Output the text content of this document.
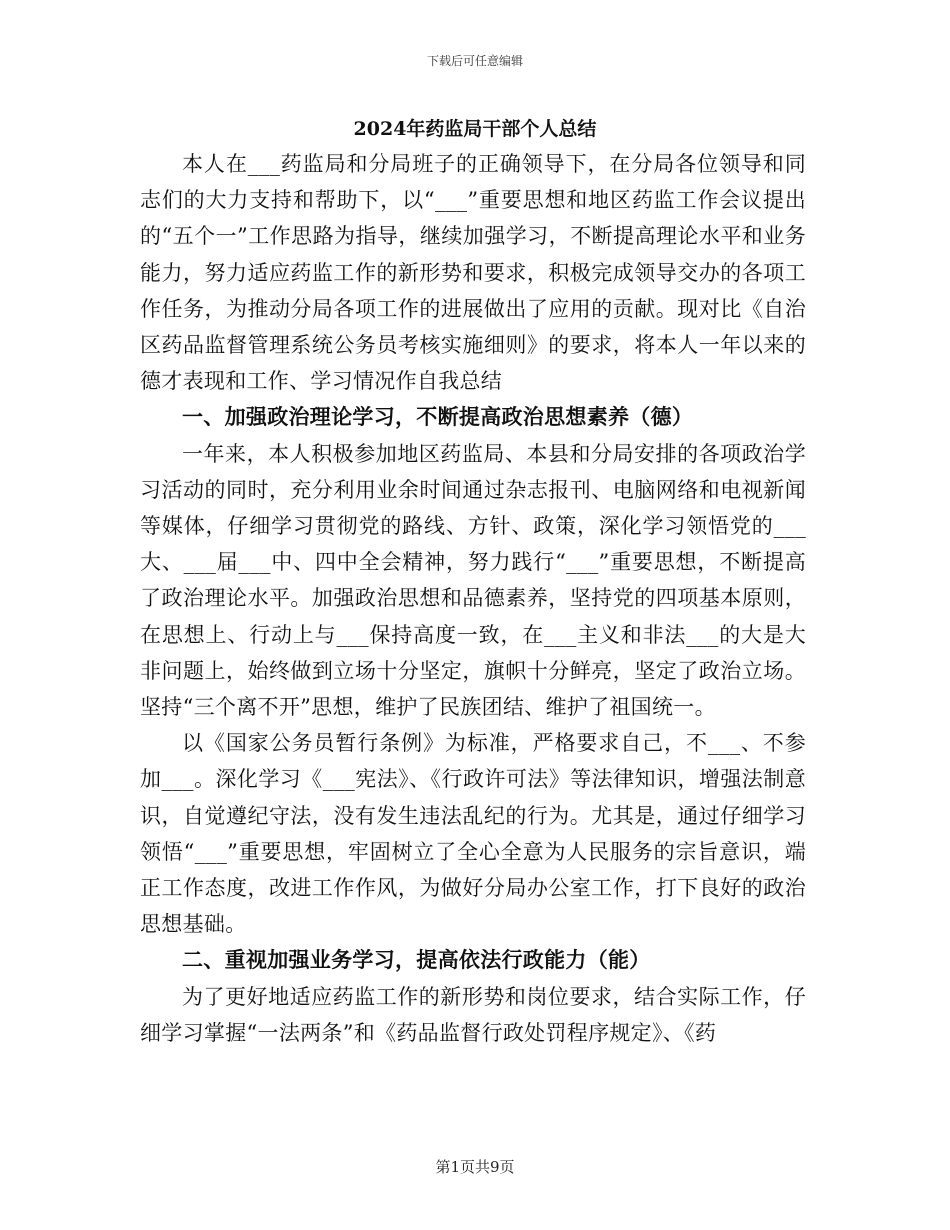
下载后可任意编辑
2024年药监局干部个人总结

本人在___药监局和分局班子的正确领导下，在分局各位领导和同志们的大力支持和帮助下，以“___”重要思想和地区药监工作会议提出的“五个一”工作思路为指导，继续加强学习，不断提高理论水平和业务能力，努力适应药监工作的新形势和要求，积极完成领导交办的各项工作任务，为推动分局各项工作的进展做出了应用的贡献。现对比《自治区药品监督管理系统公务员考核实施细则》的要求，将本人一年以来的德才表现和工作、学习情况作自我总结

一、加强政治理论学习，不断提高政治思想素养（德）

一年来，本人积极参加地区药监局、本县和分局安排的各项政治学习活动的同时，充分利用业余时间通过杂志报刊、电脑网络和电视新闻等媒体，仔细学习贯彻党的路线、方针、政策，深化学习领悟党的___大、___届___中、四中全会精神，努力践行“___”重要思想，不断提高了政治理论水平。加强政治思想和品德素养，坚持党的四项基本原则，在思想上、行动上与___保持高度一致，在___主义和非法___的大是大非问题上，始终做到立场十分坚定，旗帜十分鲜亮，坚定了政治立场。坚持“三个离不开”思想，维护了民族团结、维护了祖国统一。

以《国家公务员暂行条例》为标准，严格要求自己，不___、不参加___。深化学习《___宪法》、《行政许可法》等法律知识，增强法制意识，自觉遵纪守法，没有发生违法乱纪的行为。尤其是，通过仔细学习领悟“___”重要思想，牢固树立了全心全意为人民服务的宗旨意识，端正工作态度，改进工作作风，为做好分局办公室工作，打下良好的政治思想基础。

二、重视加强业务学习，提高依法行政能力（能）

为了更好地适应药监工作的新形势和岗位要求，结合实际工作，仔细学习掌握“一法两条”和《药品监督行政处罚程序规定》、《药

第1页共9页
